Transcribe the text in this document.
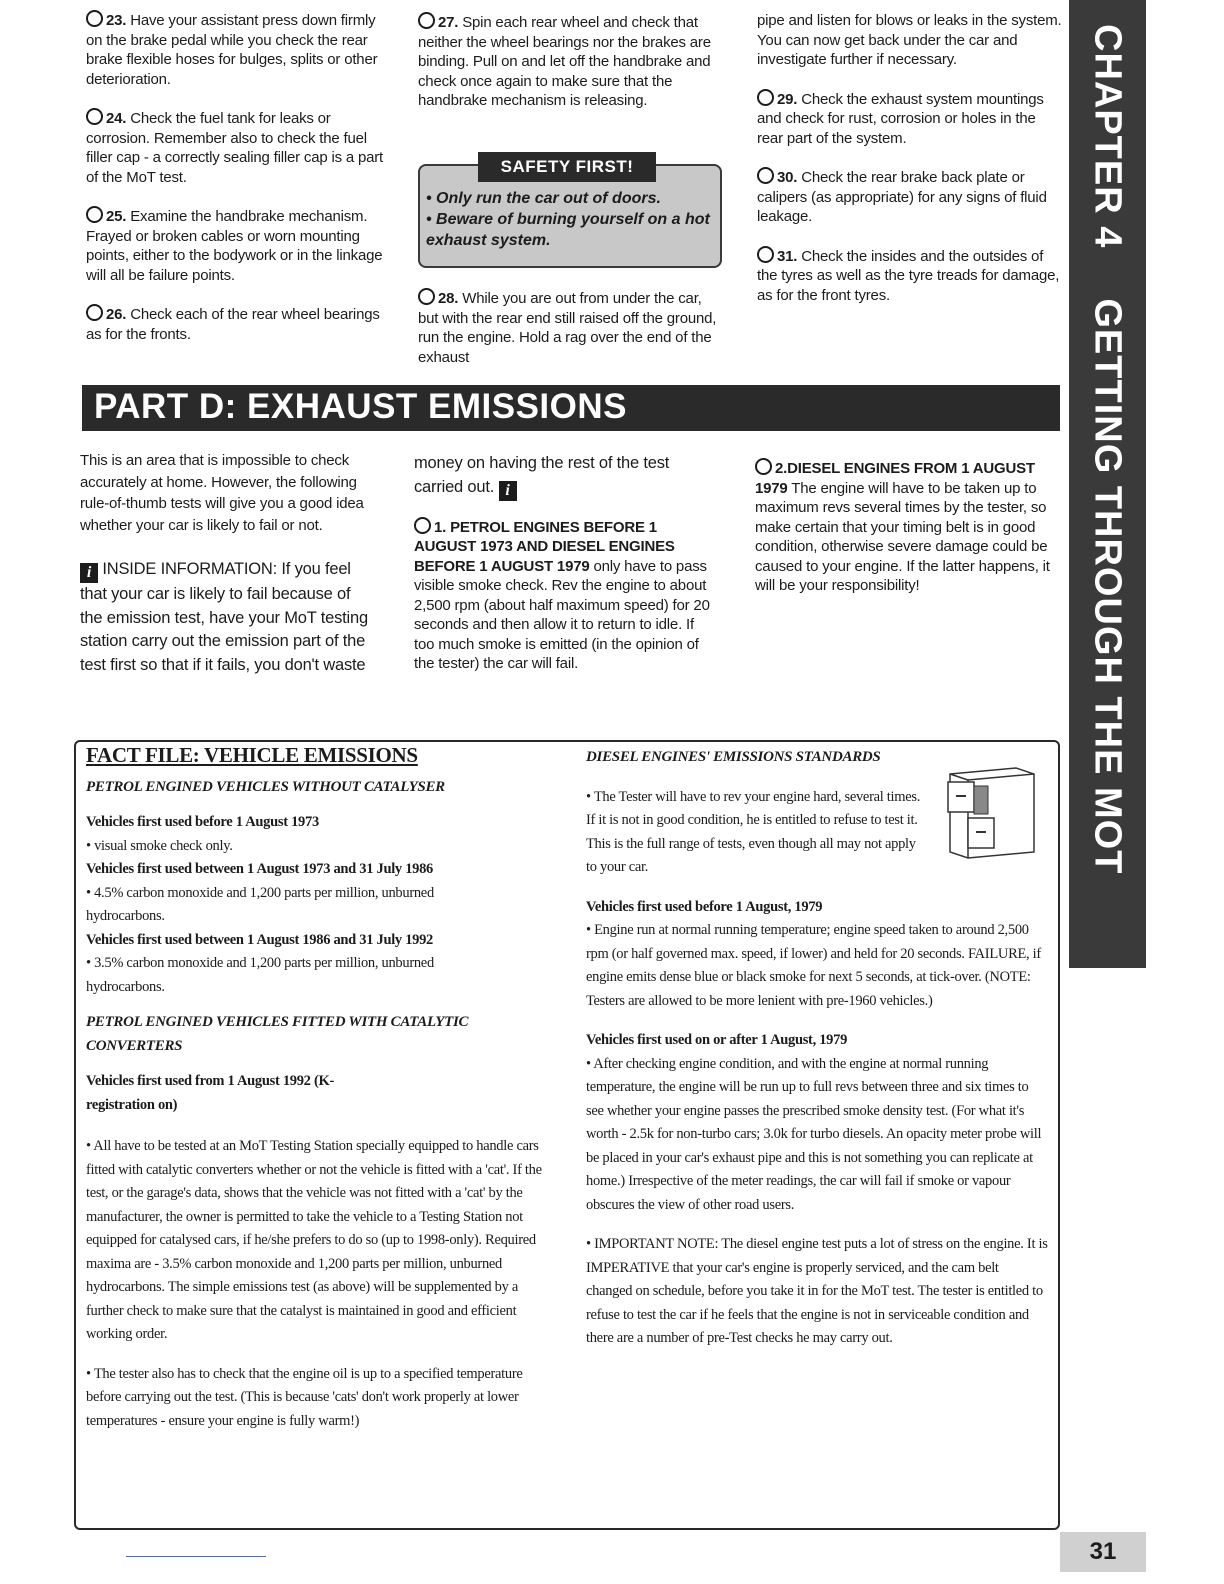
CHAPTER 4GETTING THROUGH THE MOT
23. Have your assistant press down firmly on the brake pedal while you check the rear brake flexible hoses for bulges, splits or other deterioration.
24. Check the fuel tank for leaks or corrosion. Remember also to check the fuel filler cap - a correctly sealing filler cap is a part of the MoT test.
25. Examine the handbrake mechanism. Frayed or broken cables or worn mounting points, either to the bodywork or in the linkage will all be failure points.
26. Check each of the rear wheel bearings as for the fronts.
27. Spin each rear wheel and check that neither the wheel bearings nor the brakes are binding. Pull on and let off the handbrake and check once again to make sure that the handbrake mechanism is releasing.
SAFETY FIRST!
• Only run the car out of doors.
• Beware of burning yourself on a hot exhaust system.
28. While you are out from under the car, but with the rear end still raised off the ground, run the engine. Hold a rag over the end of the exhaust
pipe and listen for blows or leaks in the system. You can now get back under the car and investigate further if necessary.
29. Check the exhaust system mountings and check for rust, corrosion or holes in the rear part of the system.
30. Check the rear brake back plate or calipers (as appropriate) for any signs of fluid leakage.
31. Check the insides and the outsides of the tyres as well as the tyre treads for damage, as for the front tyres.
PART D: EXHAUST EMISSIONS
This is an area that is impossible to check accurately at home. However, the following rule-of-thumb tests will give you a good idea whether your car is likely to fail or not.
i INSIDE INFORMATION: If you feel that your car is likely to fail because of the emission test, have your MoT testing station carry out the emission part of the test first so that if it fails, you don't waste
money on having the rest of the test carried out. i
1. PETROL ENGINES BEFORE 1 AUGUST 1973 AND DIESEL ENGINES BEFORE 1 AUGUST 1979 only have to pass visible smoke check. Rev the engine to about 2,500 rpm (about half maximum speed) for 20 seconds and then allow it to return to idle. If too much smoke is emitted (in the opinion of the tester) the car will fail.
2.DIESEL ENGINES FROM 1 AUGUST 1979 The engine will have to be taken up to maximum revs several times by the tester, so make certain that your timing belt is in good condition, otherwise severe damage could be caused to your engine. If the latter happens, it will be your responsibility!
FACT FILE: VEHICLE EMISSIONS
PETROL ENGINED VEHICLES WITHOUT CATALYSER
Vehicles first used before 1 August 1973
• visual smoke check only.
Vehicles first used between 1 August 1973 and 31 July 1986
• 4.5% carbon monoxide and 1,200 parts per million, unburned hydrocarbons.
Vehicles first used between 1 August 1986 and 31 July 1992
• 3.5% carbon monoxide and 1,200 parts per million, unburned hydrocarbons.
PETROL ENGINED VEHICLES FITTED WITH CATALYTIC CONVERTERS
Vehicles first used from 1 August 1992 (K-registration on)
• All have to be tested at an MoT Testing Station specially equipped to handle cars fitted with catalytic converters whether or not the vehicle is fitted with a 'cat'. If the test, or the garage's data, shows that the vehicle was not fitted with a 'cat' by the manufacturer, the owner is permitted to take the vehicle to a Testing Station not equipped for catalysed cars, if he/she prefers to do so (up to 1998-only). Required maxima are - 3.5% carbon monoxide and 1,200 parts per million, unburned hydrocarbons. The simple emissions test (as above) will be supplemented by a further check to make sure that the catalyst is maintained in good and efficient working order.
• The tester also has to check that the engine oil is up to a specified temperature before carrying out the test. (This is because 'cats' don't work properly at lower temperatures - ensure your engine is fully warm!)
DIESEL ENGINES' EMISSIONS STANDARDS
• The Tester will have to rev your engine hard, several times. If it is not in good condition, he is entitled to refuse to test it. This is the full range of tests, even though all may not apply to your car.
Vehicles first used before 1 August, 1979
• Engine run at normal running temperature; engine speed taken to around 2,500 rpm (or half governed max. speed, if lower) and held for 20 seconds. FAILURE, if engine emits dense blue or black smoke for next 5 seconds, at tick-over. (NOTE: Testers are allowed to be more lenient with pre-1960 vehicles.)
Vehicles first used on or after 1 August, 1979
• After checking engine condition, and with the engine at normal running temperature, the engine will be run up to full revs between three and six times to see whether your engine passes the prescribed smoke density test. (For what it's worth - 2.5k for non-turbo cars; 3.0k for turbo diesels. An opacity meter probe will be placed in your car's exhaust pipe and this is not something you can replicate at home.) Irrespective of the meter readings, the car will fail if smoke or vapour obscures the view of other road users.
• IMPORTANT NOTE: The diesel engine test puts a lot of stress on the engine. It is IMPERATIVE that your car's engine is properly serviced, and the cam belt changed on schedule, before you take it in for the MoT test. The tester is entitled to refuse to test the car if he feels that the engine is not in serviceable condition and there are a number of pre-Test checks he may carry out.
31
